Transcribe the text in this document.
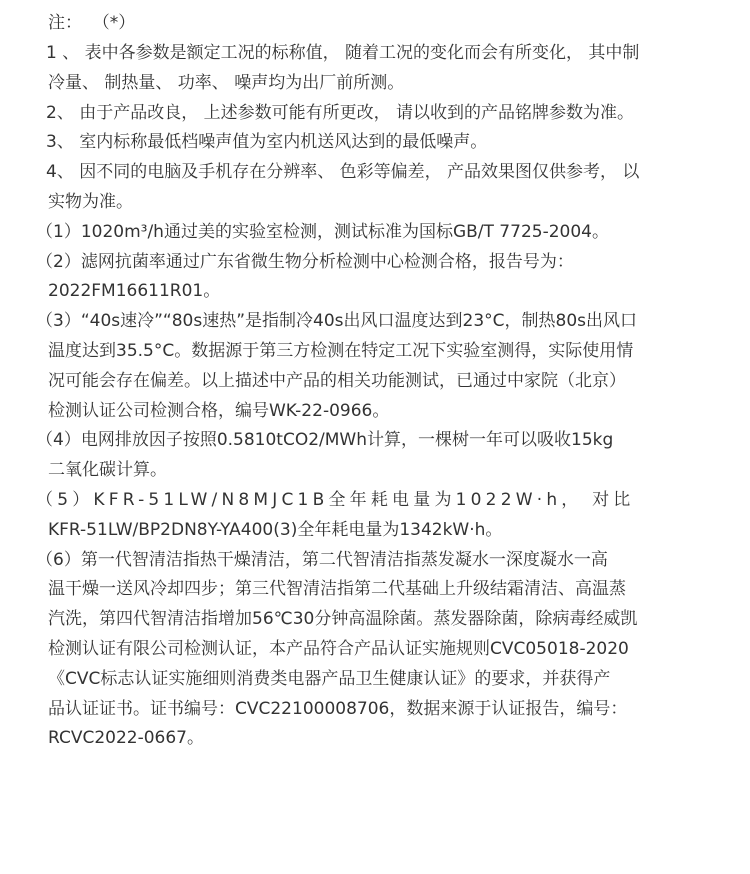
注：  （*）
1 、 表中各参数是额定工况的标称值， 随着工况的变化而会有所变化， 其中制
冷量、 制热量、 功率、 噪声均为出厂前所测。
2、 由于产品改良， 上述参数可能有所更改， 请以收到的产品铭牌参数为准。
3、 室内标称最低档噪声值为室内机送风达到的最低噪声。
4、 因不同的电脑及手机存在分辨率、 色彩等偏差， 产品效果图仅供参考， 以
实物为准。
（1）1020m³/h通过美的实验室检测，测试标准为国标GB/T 7725-2004。
（2）滤网抗菌率通过广东省微生物分析检测中心检测合格，报告号为：
2022FM16611R01。
（3）“40s速冷”“80s速热”是指制冷40s出风口温度达到23°C，制热80s出风口
温度达到35.5°C。数据源于第三方检测在特定工况下实验室测得，实际使用情
况可能会存在偏差。以上描述中产品的相关功能测试，已通过中家院（北京）
检测认证公司检测合格，编号WK-22-0966。
（4）电网排放因子按照0.5810tCO2/MWh计算，一棵树一年可以吸收15kg
二氧化碳计算。
（5）KFR-51LW/N8MJC1B全年耗电量为1022W·h， 对比
KFR-51LW/BP2DN8Y-YA400(3)全年耗电量为1342kW·h。
（6）第一代智清洁指热干燥清洁，第二代智清洁指蒸发凝水一深度凝水一高
温干燥一送风冷却四步；第三代智清洁指第二代基础上升级结霜清洁、高温蒸
汽洗，第四代智清洁指增加56℃30分钟高温除菌。蒸发器除菌，除病毒经威凯
检测认证有限公司检测认证，本产品符合产品认证实施规则CVC05018-2020
《CVC标志认证实施细则消费类电器产品卫生健康认证》的要求，并获得产
品认证证书。证书编号：CVC22100008706，数据来源于认证报告，编号：
RCVC2022-0667。
